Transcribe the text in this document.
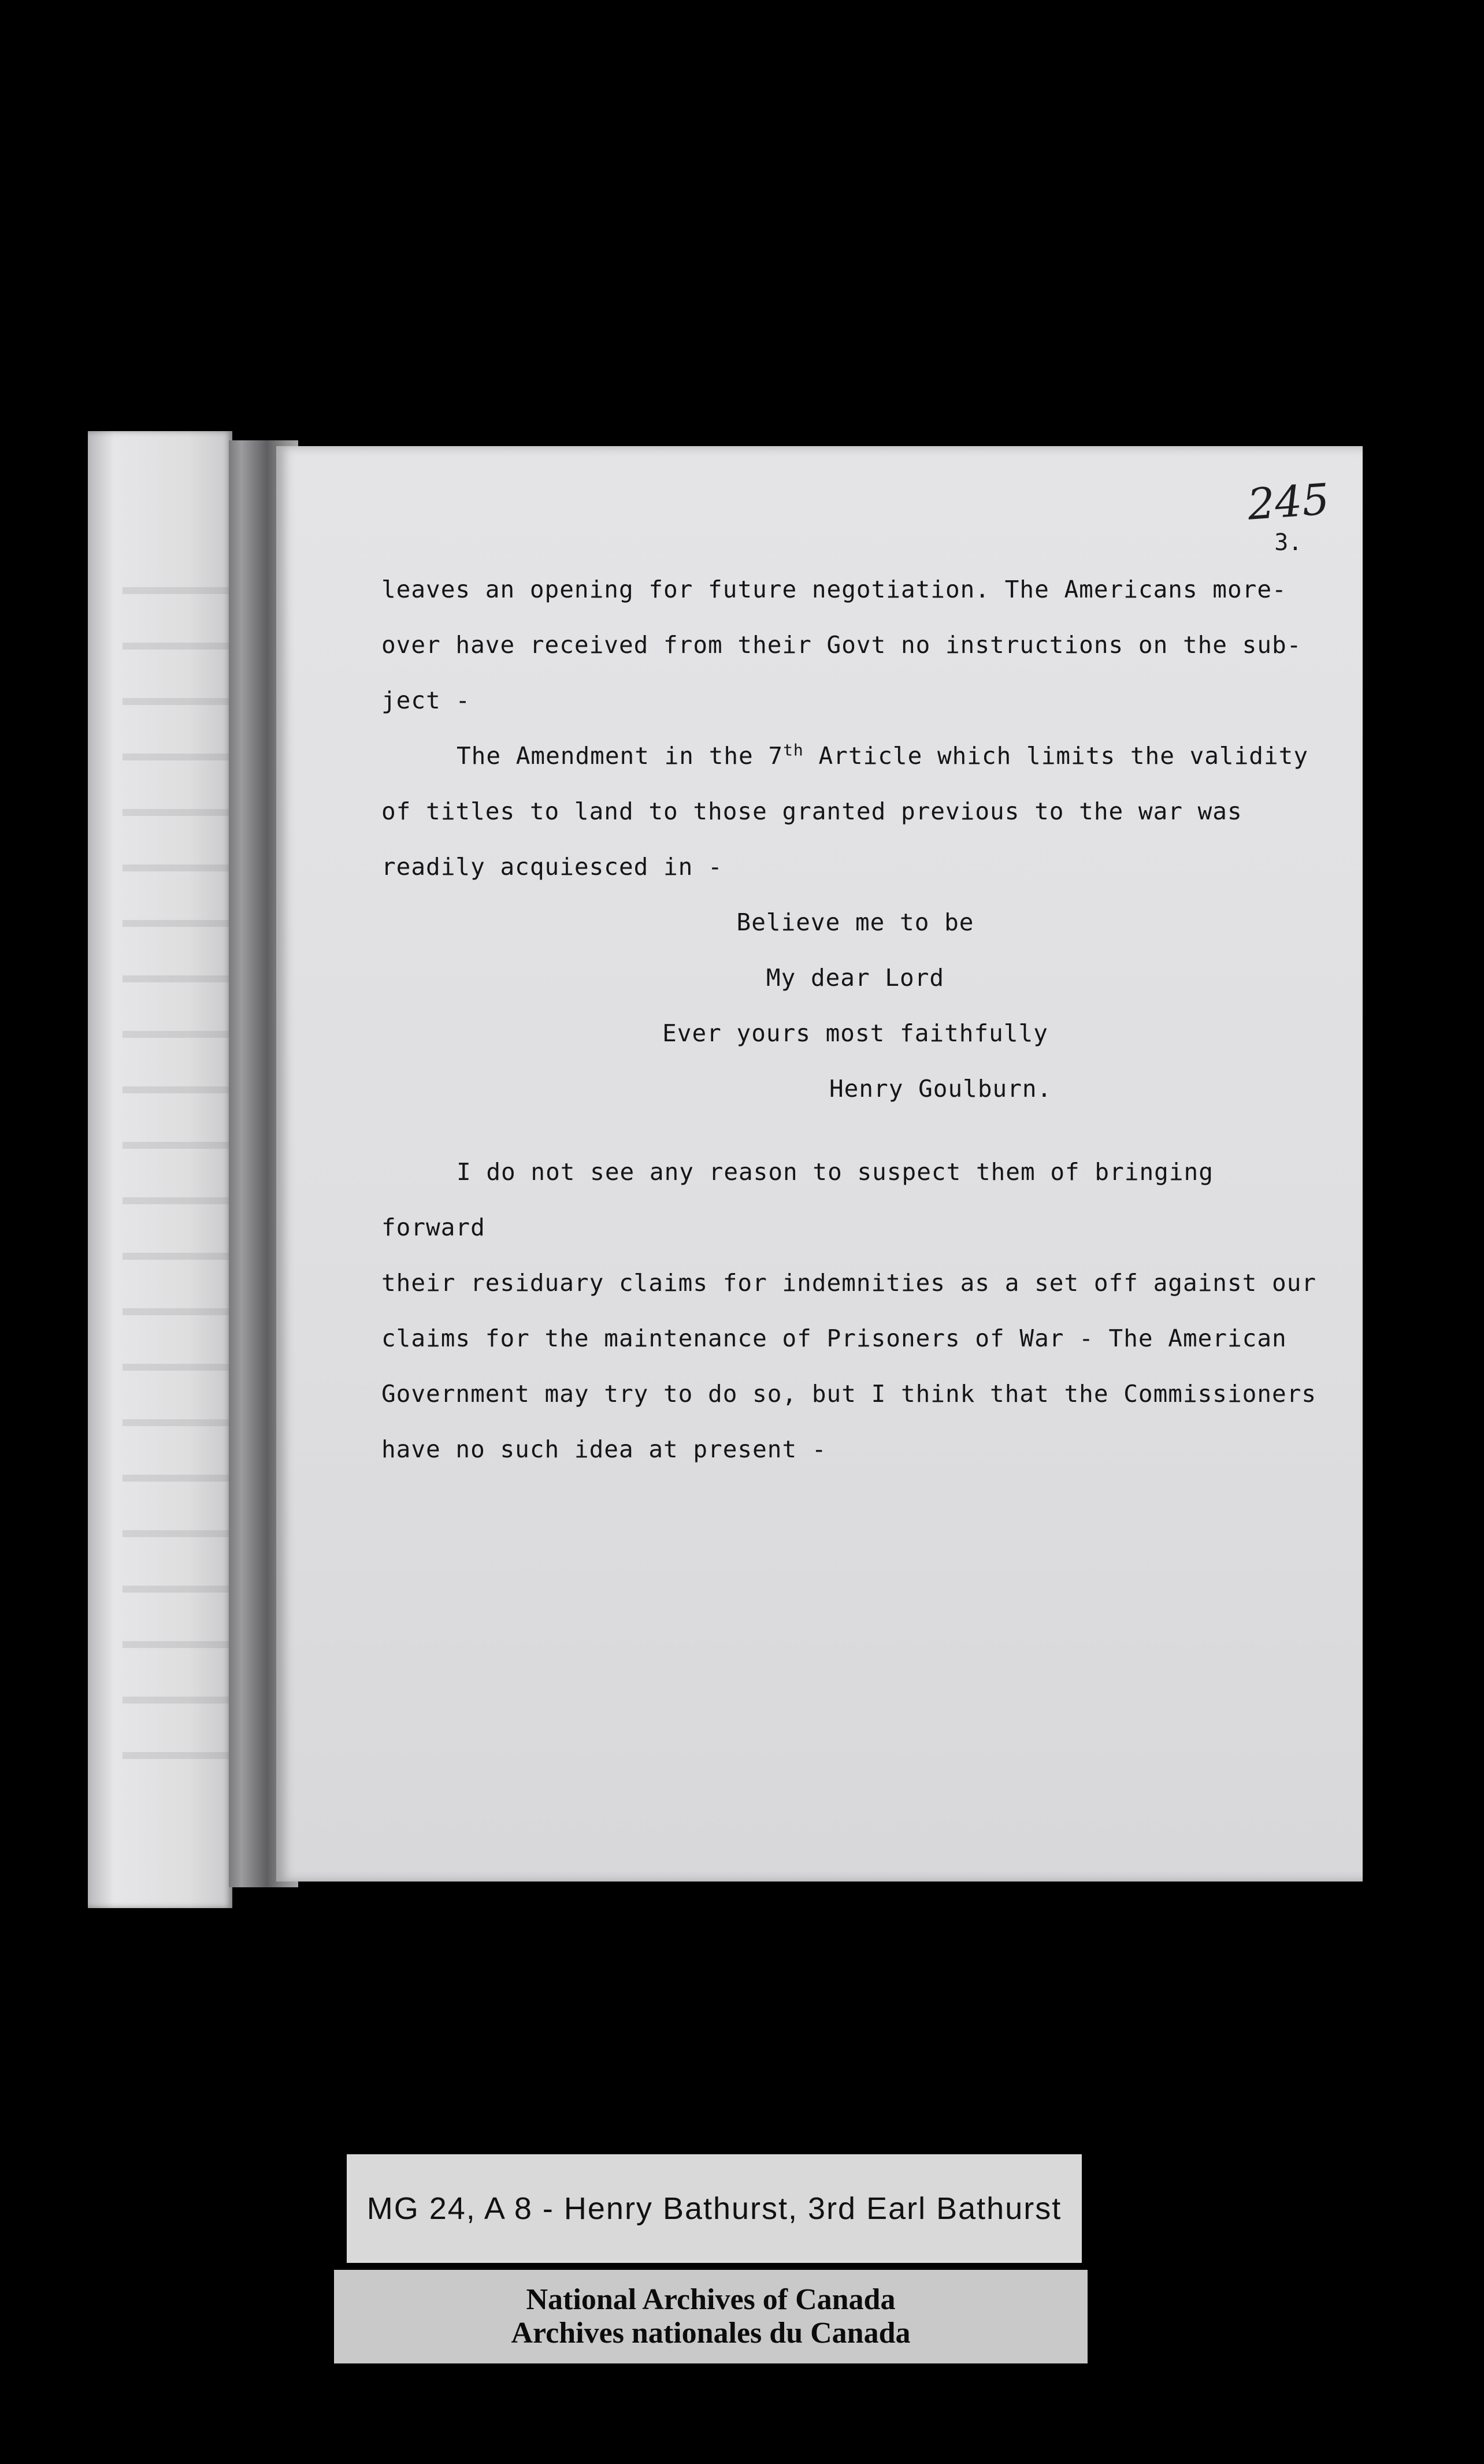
245
3.

leaves an opening for future negotiation. The Americans more-

over have received from their Govt no instructions on the sub-

ject -

The Amendment in the 7th Article which limits the validity

of titles to land to those granted previous to the war was

readily acquiesced in -

Believe me to be

My dear Lord

Ever yours most faithfully

Henry Goulburn.

I do not see any reason to suspect them of bringing forward

their residuary claims for indemnities as a set off against our

claims for the maintenance of Prisoners of War - The American

Government may try to do so, but I think that the Commissioners

have no such idea at present -

MG 24, A 8 - Henry Bathurst, 3rd Earl Bathurst
National Archives of Canada
Archives nationales du Canada
